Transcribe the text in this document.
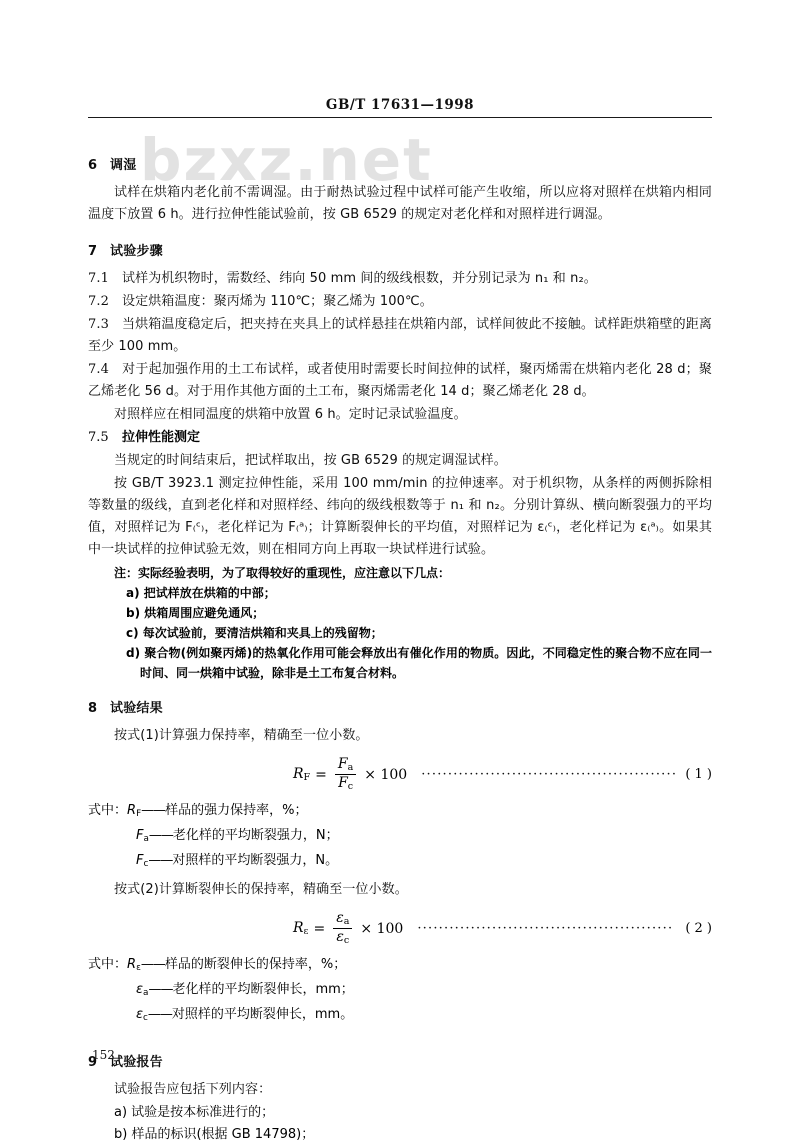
bzxz.net
GB/T 17631—1998
6 调湿

试样在烘箱内老化前不需调湿。由于耐热试验过程中试样可能产生收缩，所以应将对照样在烘箱内相同温度下放置 6 h。进行拉伸性能试验前，按 GB 6529 的规定对老化样和对照样进行调湿。

7 试验步骤

7.1 试样为机织物时，需数经、纬向 50 mm 间的级线根数，并分别记录为 n₁ 和 n₂。

7.2 设定烘箱温度：聚丙烯为 110℃；聚乙烯为 100℃。

7.3 当烘箱温度稳定后，把夹持在夹具上的试样悬挂在烘箱内部，试样间彼此不接触。试样距烘箱壁的距离至少 100 mm。

7.4 对于起加强作用的土工布试样，或者使用时需要长时间拉伸的试样，聚丙烯需在烘箱内老化 28 d；聚乙烯老化 56 d。对于用作其他方面的土工布，聚丙烯需老化 14 d；聚乙烯老化 28 d。

对照样应在相同温度的烘箱中放置 6 h。定时记录试验温度。

7.5 拉伸性能测定

当规定的时间结束后，把试样取出，按 GB 6529 的规定调湿试样。

按 GB/T 3923.1 测定拉伸性能，采用 100 mm/min 的拉伸速率。对于机织物，从条样的两侧拆除相等数量的级线，直到老化样和对照样经、纬向的级线根数等于 n₁ 和 n₂。分别计算纵、横向断裂强力的平均值，对照样记为 F₍ᶜ₎，老化样记为 F₍ᵃ₎；计算断裂伸长的平均值，对照样记为 ε₍ᶜ₎，老化样记为 ε₍ᵃ₎。如果其中一块试样的拉伸试验无效，则在相同方向上再取一块试样进行试验。

注：实际经验表明，为了取得较好的重现性，应注意以下几点：

a) 把试样放在烘箱的中部；
b) 烘箱周围应避免通风；
c) 每次试验前，要清洁烘箱和夹具上的残留物；
d) 聚合物(例如聚丙烯)的热氧化作用可能会释放出有催化作用的物质。因此，不同稳定性的聚合物不应在同一时间、同一烘箱中试验，除非是土工布复合材料。
8 试验结果

按式(1)计算强力保持率，精确至一位小数。

$R_F = \frac{F_a}{F_c} \times 100$ ················································ ( 1 )
式中：$R_F——$样品的强力保持率，%；
$F_a——$老化样的平均断裂强力，N；
$F_c——$对照样的平均断裂强力，N。

按式(2)计算断裂伸长的保持率，精确至一位小数。

$R_\varepsilon = \frac{\varepsilon_a}{\varepsilon_c} \times 100$ ················································ ( 2 )
式中：$R_\varepsilon——$样品的断裂伸长的保持率，%；
$\varepsilon_a——$老化样的平均断裂伸长，mm；
$\varepsilon_c——$对照样的平均断裂伸长，mm。
9 试验报告

试验报告应包括下列内容：

a) 试验是按本标准进行的；
b) 样品的标识(根据 GB 14798)；
152
